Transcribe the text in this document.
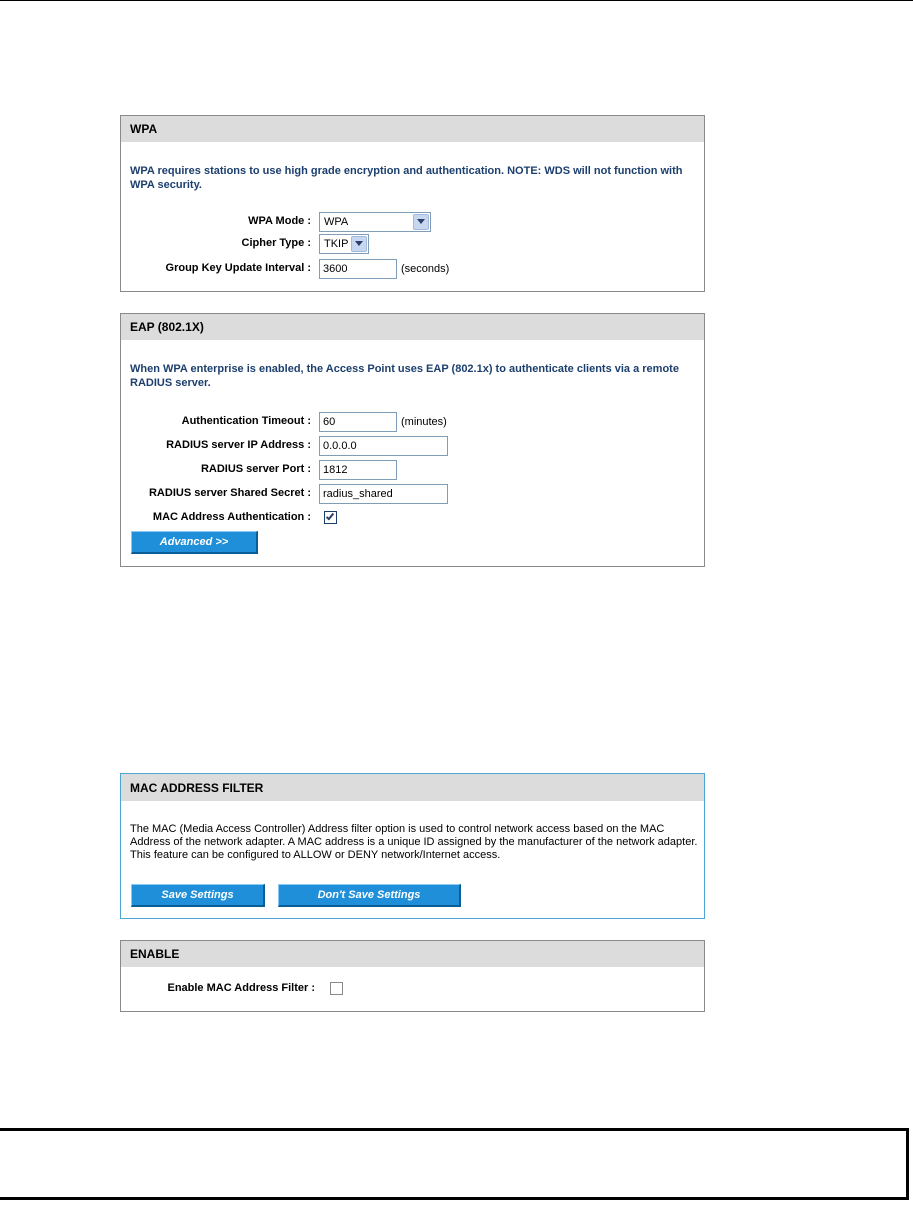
WPA
WPA requires stations to use high grade encryption and authentication. NOTE: WDS will not function with WPA security.
WPA Mode : WPA
Cipher Type : TKIP
Group Key Update Interval :
3600	(seconds)
EAP (802.1X)
When WPA enterprise is enabled, the Access Point uses EAP (802.1x) to authenticate clients via a remote RADIUS server.
Authentication Timeout :
60	(minutes)
RADIUS server IP Address :
0.0.0.0
RADIUS server Port :
1812
RADIUS server Shared Secret :
radius_shared
MAC Address Authentication :
Advanced >>
MAC ADDRESS FILTER
The MAC (Media Access Controller) Address filter option is used to control network access based on the MAC Address of the network adapter. A MAC address is a unique ID assigned by the manufacturer of the network adapter. This feature can be configured to ALLOW or DENY network/Internet access.
Save Settings	Don't Save Settings
ENABLE
Enable MAC Address Filter :
